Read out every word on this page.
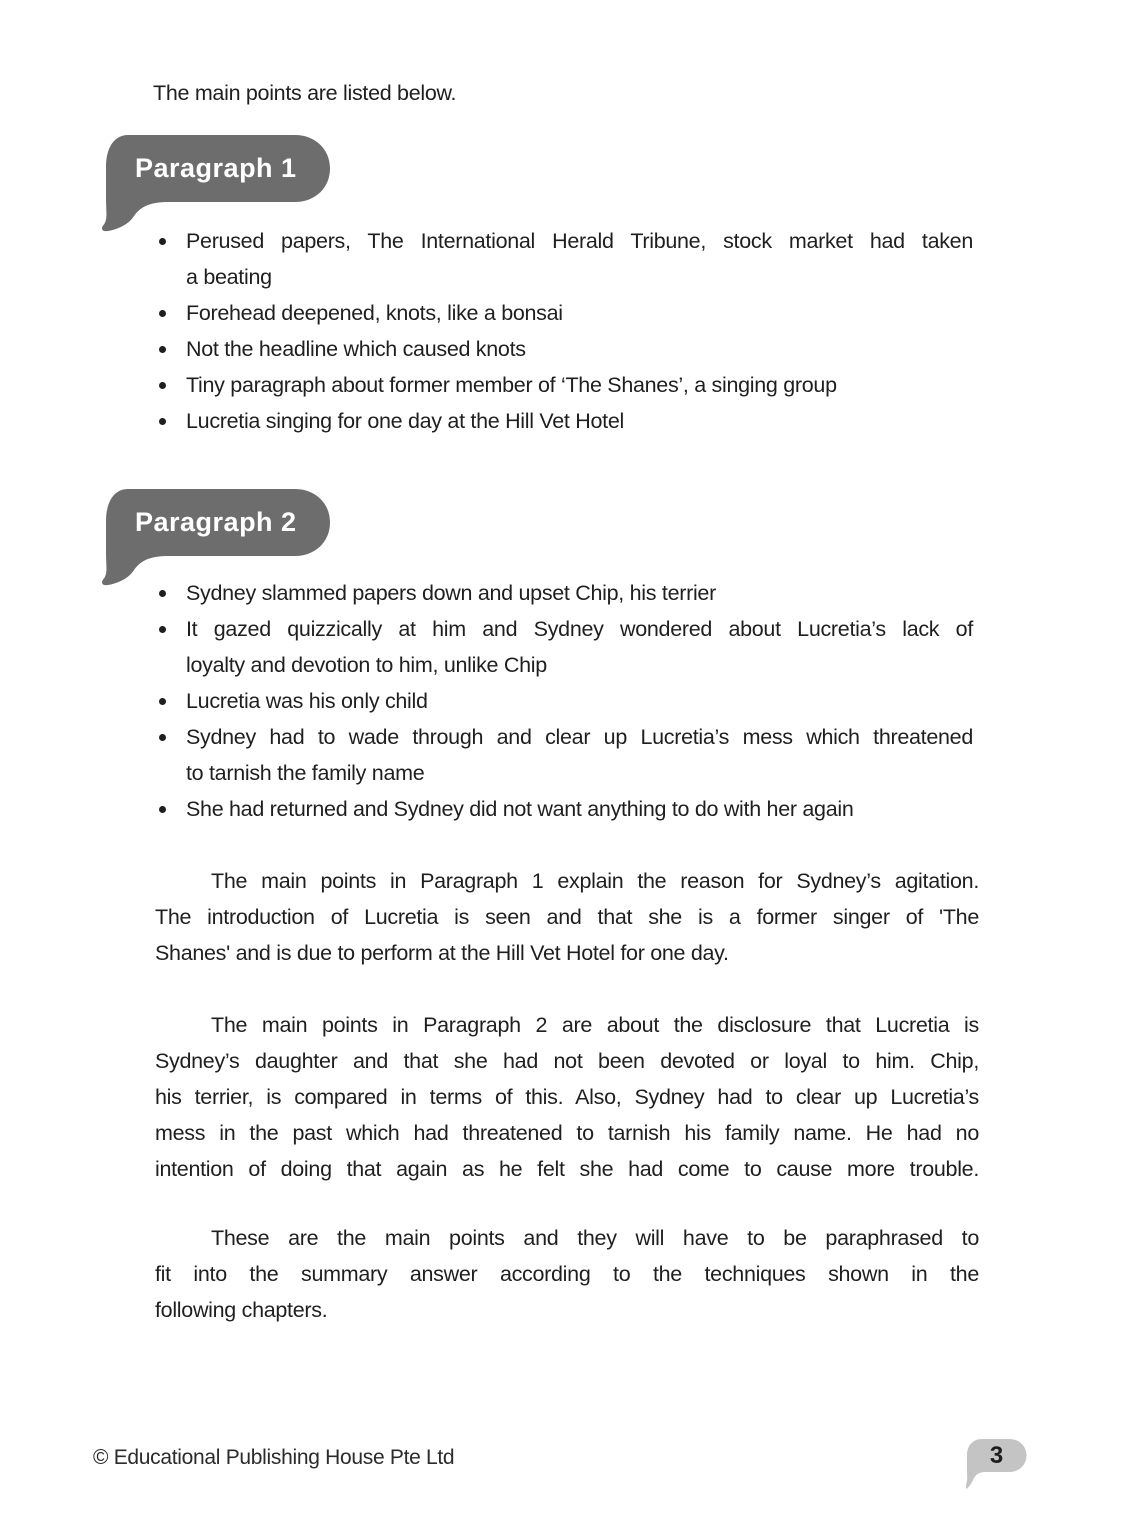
The main points are listed below.
Paragraph 1
Perused papers, The International Herald Tribune, stock market had taken
a beating
Forehead deepened, knots, like a bonsai
Not the headline which caused knots
Tiny paragraph about former member of ‘The Shanes’, a singing group
Lucretia singing for one day at the Hill Vet Hotel
Paragraph 2
Sydney slammed papers down and upset Chip, his terrier
It gazed quizzically at him and Sydney wondered about Lucretia’s lack of
loyalty and devotion to him, unlike Chip
Lucretia was his only child
Sydney had to wade through and clear up Lucretia’s mess which threatened
to tarnish the family name
She had returned and Sydney did not want anything to do with her again
The main points in Paragraph 1 explain the reason for Sydney’s agitation.
The introduction of Lucretia is seen and that she is a former singer of 'The
Shanes' and is due to perform at the Hill Vet Hotel for one day.
The main points in Paragraph 2 are about the disclosure that Lucretia is
Sydney’s daughter and that she had not been devoted or loyal to him. Chip,
his terrier, is compared in terms of this. Also, Sydney had to clear up Lucretia’s
mess in the past which had threatened to tarnish his family name. He had no
intention of doing that again as he felt she had come to cause more trouble.
These are the main points and they will have to be paraphrased to
fit into the summary answer according to the techniques shown in the
following chapters.
© Educational Publishing House Pte Ltd	3
